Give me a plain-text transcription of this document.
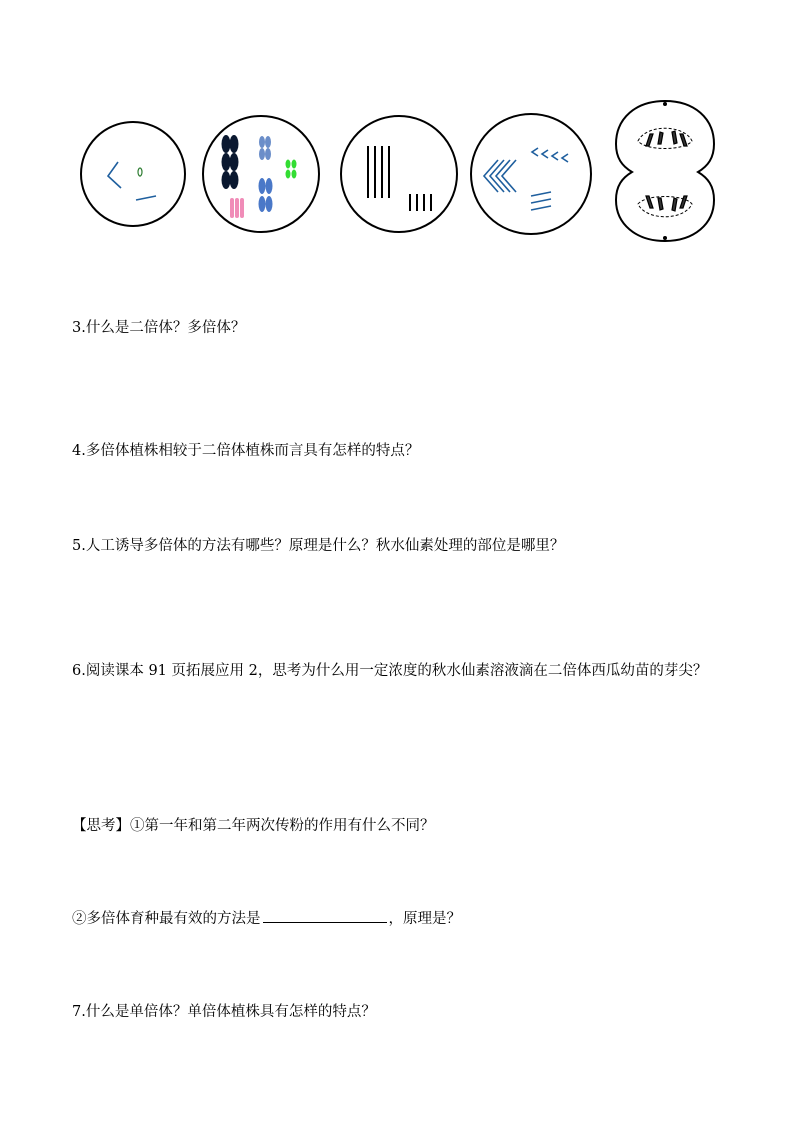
3.什么是二倍体？多倍体？

4.多倍体植株相较于二倍体植株而言具有怎样的特点？

5.人工诱导多倍体的方法有哪些？原理是什么？秋水仙素处理的部位是哪里？

6.阅读课本 91 页拓展应用 2，思考为什么用一定浓度的秋水仙素溶液滴在二倍体西瓜幼苗的芽尖？

【思考】①第一年和第二年两次传粉的作用有什么不同？

②多倍体育种最有效的方法是	，原理是？

7.什么是单倍体？单倍体植株具有怎样的特点？
